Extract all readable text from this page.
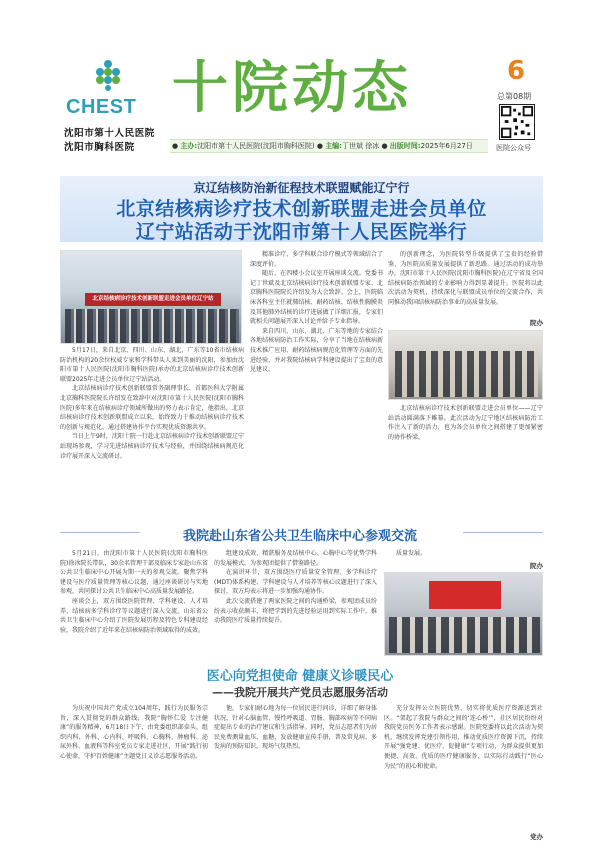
CHEST
沈阳市第十人民医院
沈阳市胸科医院
十院动态	6
总第08期
医院公众号
● 主办:沈阳市第十人民医院(沈阳市胸科医院) ● 主编:丁世斌 徐冰 ● 出版时间:2025年6月27日
京辽结核防治新征程技术联盟赋能辽宁行
北京结核病诊疗技术创新联盟走进会员单位
辽宁站活动于沈阳市第十人民医院举行
北京结核病诊疗技术创新联盟走进会员单位辽宁站

5月17日，来自北京、四川、山东、湖北、广东等10省市结核病防治机构的20余位权威专家和学科带头人来到美丽的沈阳，参加由沈阳市第十人民医院(沈阳市胸科医院)承办的北京结核病诊疗技术创新联盟2025年走进会员单位辽宁站活动。

北京结核病诊疗技术创新联盟常务副理事长、首都医科大学附属北京胸科医院院长许绍发在致辞中对沈阳市第十人民医院(沈阳市胸科医院)多年来在结核病诊疗领域所做出的努力表示肯定，他指出，北京结核病诊疗技术创新联盟成立以来，始终致力于推动结核病诊疗技术的创新与规范化，通过搭建协作平台实现优质资源共享。

当日上午9时，沈阳十院一行赴北京结核病诊疗技术创新联盟辽宁站现场参观，学习先进结核病诊疗技术与经验，并围绕结核病规范化诊疗展开深入交流研讨。

精准诊疗、多学科联合诊疗模式等领域结合了深度评价。

随后，在四楼小会议室开展座谈交流。党委书记丁世斌及北京结核病诊疗技术创新联盟专家、北京胸科医院院长许绍发为大会致辞。会上，医院临床各科室主任就肺结核、耐药结核、结核性胸膜炎及其他肺外结核的诊疗进展做了详细汇报，专家们就相关问题展开深入讨论并给予专业指导。

来自四川、山东、湖北、广东等地的专家结合各地结核病防治工作实际，分享了当地在结核病新技术推广应用、耐药结核病规范化管理等方面的先进经验，并对我院结核病学科建设提出了宝贵的意见建议。

的创新理念，为医院转型升级提供了宝贵的经验借鉴，为医院高质量发展提供了新思路。通过活动的成功举办，沈阳市第十人民医院(沈阳市胸科医院)在辽宁省及全国结核病防治领域的专业影响力得到显著提升。医院将以此次活动为契机，持续深化与联盟成员单位的交流合作，共同推动我国结核病防治事业的高质量发展。

院办

北京结核病诊疗技术创新联盟走进会员单位——辽宁站活动圆满落下帷幕。此次活动为辽宁地区结核病防治工作注入了新的活力，也为各会员单位之间搭建了更加紧密的协作桥梁。

我院赴山东省公共卫生临床中心参观交流

5月21日，由沈阳市第十人民医院(沈阳市胸科医院)徐冰院长带队，30余名管理干部及临床专家赴山东省公共卫生临床中心开展为期一天的参观交流。聚焦学科建设与医疗质量管理等核心议题，通过座谈研讨与实地参观，共同探讨公共卫生临床中心高质量发展路径。

座谈会上，双方围绕医院管理、学科建设、人才培养、结核病多学科诊疗等议题进行深入交流。山东省公共卫生临床中心介绍了医院发展历程及特色专科建设经验，我院介绍了近年来在结核病防治领域取得的成效。

组建设成效，精湛服务及结核中心、心胸中心等优势学科的发展模式，为参观团提供了借鉴路径。

在演讲环节，双方围绕医疗质量安全管理、多学科诊疗(MDT)体系构建、学科建设与人才培养等核心议题进行了深入探讨，双方均表示将进一步加强沟通协作。

此次交流搭建了两家医院之间的沟通桥梁，参观团成员纷纷表示收获颇丰，将把学到的先进经验运用到实际工作中，推动我院医疗质量持续提升。

质量发展。

院办
医心向党担使命 健康义诊暖民心
——我院开展共产党员志愿服务活动

为庆祝中国共产党成立104周年，践行为民服务宗旨，深入贯彻党的群众路线，我院“胸怀仁爱 专注健康”的服务精神，6月18日下午，由党委组织部牵头，组织内科、外科、心内科、呼吸科、心胸科、肿瘤科、泌尿外科、血液科等科室党员专家走进社区，开展“践行初心使命，守护百姓健康”主题党日义诊志愿服务活动。

他，专家们耐心地为每一位居民进行问诊，详细了解身体状况，针对心脑血管、慢性呼吸道、胃肠、胸部疾病等不同病症提出专业的治疗建议和生活指导。同时，党员志愿者们为居民免费测量血压、血糖，发放健康宣传手册，普及常见病、多发病的预防知识，现场气氛热烈。

充分发挥公立医院优势，切实将优质医疗资源送到社区。“架起了我院与群众之间的‘连心桥’”，社区居民纷纷对我院党员医务工作者表示感谢。医院党委将以此次活动为契机，继续发挥党建引领作用，推动优质医疗资源下沉，持续开展“强党建、优医疗、促健康”专项行动，为群众提供更加便捷、高效、优质的医疗健康服务，以实际行动践行“医心为民”的初心和使命。

党办
